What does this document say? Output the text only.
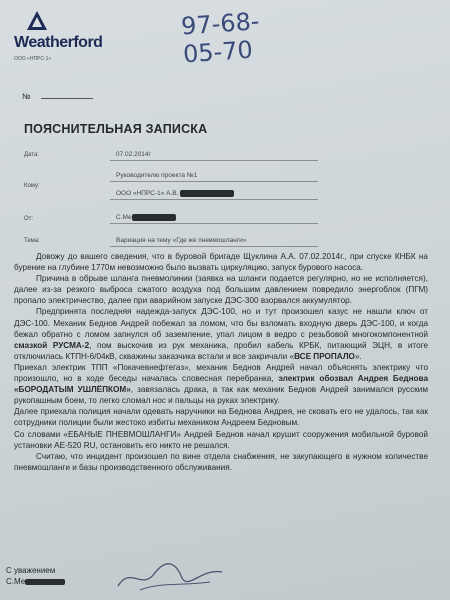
Weatherford
ООО «НПРС-1»
97-68-
05-70
№
ПОЯСНИТЕЛЬНАЯ ЗАПИСКА
Дата:	07.02.2014г
Кому:
Руководителю проекта №1
ООО «НПРС-1» А.В.
От:	С.Ме
Тема:	Вариация на тему «Где же пневмошланги»

Довожу до вашего сведения, что в буровой бригаде Щуклина А.А. 07.02.2014г., при спуске КНБК на бурение на глубине 1770м невозможно было вызвать циркуляцию, запуск бурового насоса.

Причина в обрыве шланга пневмолинии (заявка на шланги подается регулярно, но не исполняется), далее из-за резкого выброса сжатого воздуха под большим давлением повредило энергоблок (ПГМ) пропало электричество, далее при аварийном запуске ДЭС-300 взорвался аккумулятор.

Предпринята последняя надежда-запуск ДЭС-100, но и тут произошел казус не нашли ключ от ДЭС-100. Механик Беднов Андрей побежал за ломом, что бы взломать входную дверь ДЭС-100, и когда бежал обратно с ломом запнулся об заземление, упал лицом в ведро с резьбовой многокомпонентной смазкой РУСМА-2, пом выскочив из рук механика, пробил кабель КРБК, питающий ЭЦН, в итоге отключилась КТПН-6/04кВ, скважины заказчика встали и все закричали «ВСЕ ПРОПАЛО».

Приехал электрик ТПП «Покачевнефтегаз», механик Беднов Андрей начал объяснять электрику что произошло, но в ходе беседы началась словесная перебранка, электрик обозвал Андрея Беднова «БОРОДАТЫМ УШЛЁПКОМ», завязалась драка, а так как механик Беднов Андрей занимался русским рукопашным боем, то легко сломал нос и пальцы на руках электрику.

Далее приехала полиция начали одевать наручники на Беднова Андрея, не сковать его не удалось, так как сотрудники полиции были жестоко избиты механиком Андреем Бедновым.

Со словами «ЕБАНЫЕ ПНЕВМОШЛАНГИ» Андрей Беднов начал крушит сооружения мобильной буровой установки АЕ-520 RU, остановить его никто не решался.

Считаю, что инцидент произошел по вине отдела снабжения, не закупающего в нужном количестве пневмошланги и базы производственного обслуживания.

С уважением
С.Ме
